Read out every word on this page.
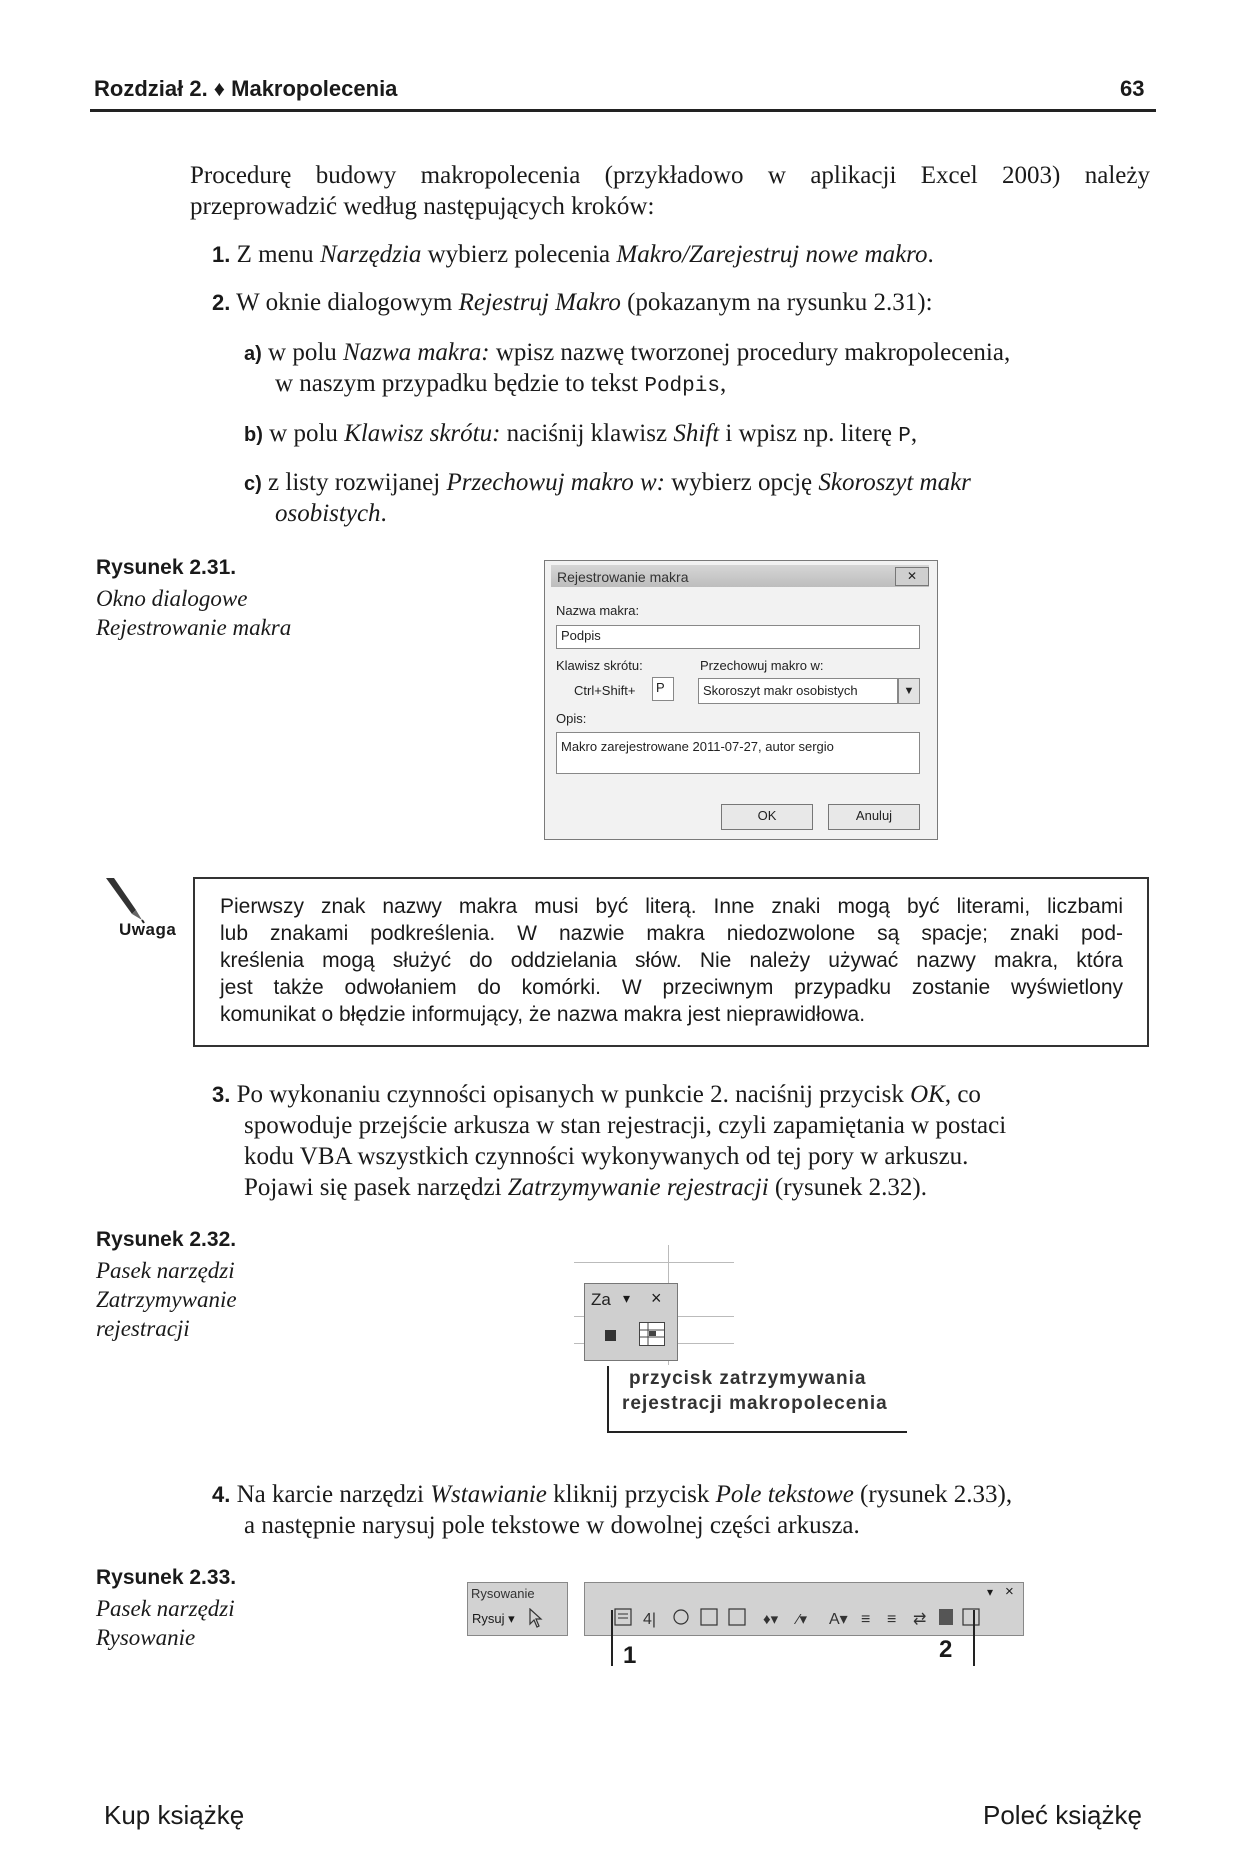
Rozdział 2. ♦ Makropolecenia	63
Procedurę budowy makropolecenia (przykładowo w aplikacji Excel 2003) należy
przeprowadzić według następujących kroków:
1. Z menu Narzędzia wybierz polecenia Makro/Zarejestruj nowe makro.
2. W oknie dialogowym Rejestruj Makro (pokazanym na rysunku 2.31):
a) w polu Nazwa makra: wpisz nazwę tworzonej procedury makropolecenia,
w naszym przypadku będzie to tekst Podpis,
b) w polu Klawisz skrótu: naciśnij klawisz Shift i wpisz np. literę P,
c) z listy rozwijanej Przechowuj makro w: wybierz opcję Skoroszyt makr
osobistych.
Rysunek 2.31.
Okno dialogowe
Rejestrowanie makra
Rejestrowanie makra	✕
Nazwa makra:
Podpis
Klawisz skrótu:
Ctrl+Shift+	P
Przechowuj makro w:
Skoroszyt makr osobistych	▼
Opis:
Makro zarejestrowane 2011-07-27, autor sergio
OK	Anuluj
Uwaga
Pierwszy znak nazwy makra musi być literą. Inne znaki mogą być literami, liczbami
lub znakami podkreślenia. W nazwie makra niedozwolone są spacje; znaki pod-
kreślenia mogą służyć do oddzielania słów. Nie należy używać nazwy makra, która
jest także odwołaniem do komórki. W przeciwnym przypadku zostanie wyświetlony
komunikat o błędzie informujący, że nazwa makra jest nieprawidłowa.
3. Po wykonaniu czynności opisanych w punkcie 2. naciśnij przycisk OK, co
spowoduje przejście arkusza w stan rejestracji, czyli zapamiętania w postaci
kodu VBA wszystkich czynności wykonywanych od tej pory w arkuszu.
Pojawi się pasek narzędzi Zatrzymywanie rejestracji (rysunek 2.32).
Rysunek 2.32.
Pasek narzędzi
Zatrzymywanie
rejestracji
Za ▾ ×
przycisk zatrzymywania
rejestracji makropolecenia
4. Na karcie narzędzi Wstawianie kliknij przycisk Pole tekstowe (rysunek 2.33),
a następnie narysuj pole tekstowe w dowolnej części arkusza.
Rysunek 2.33.
Pasek narzędzi
Rysowanie
Rysowanie
Rysuj ▾
▾ ×
4|	♦▾ ⁄▾ A▾ ≡ ≡ ⇄
1	2
Kup książkę	Poleć książkę
